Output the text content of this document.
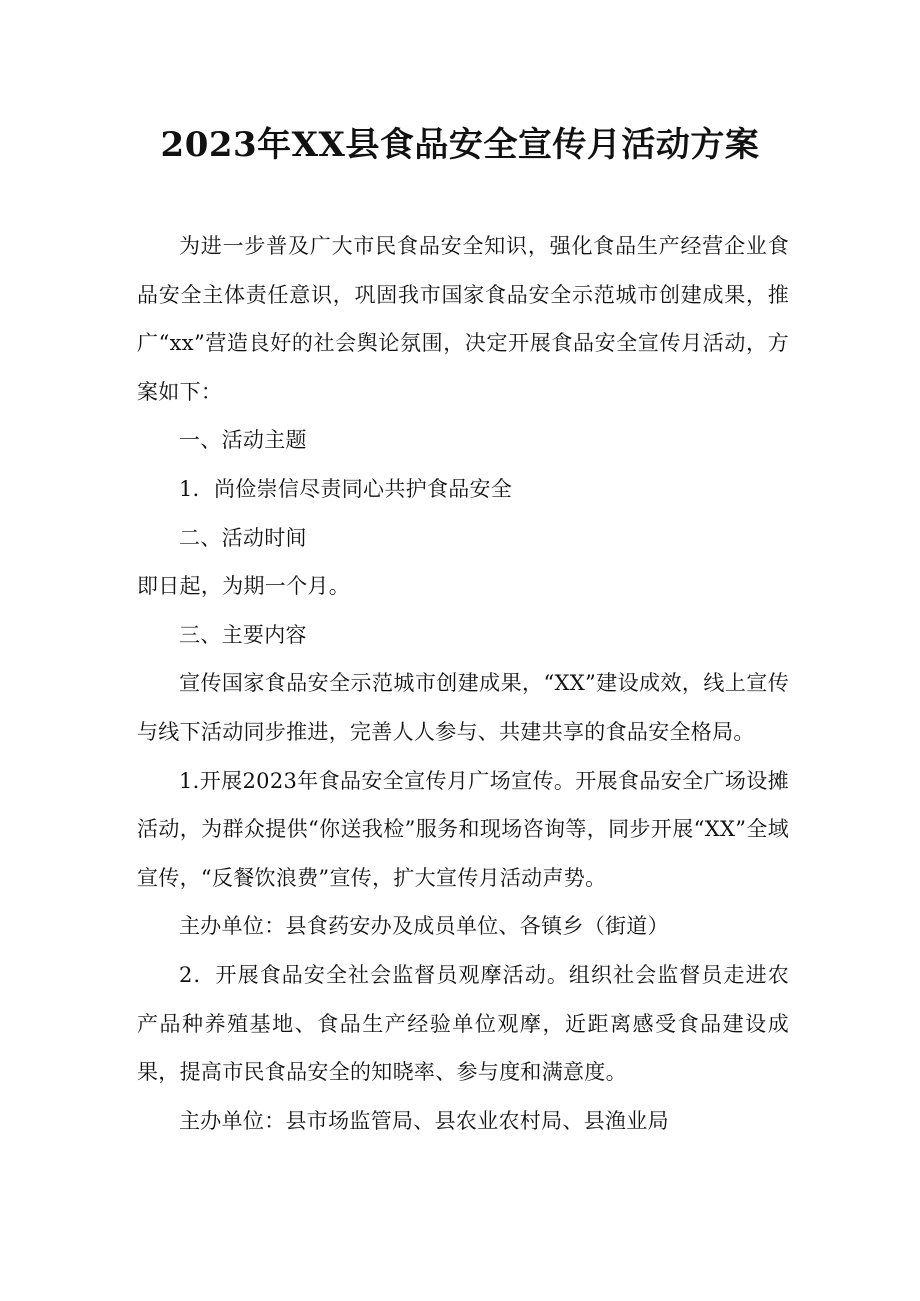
2023年XX县食品安全宣传月活动方案

为进一步普及广大市民食品安全知识，强化食品生产经营企业食品安全主体责任意识，巩固我市国家食品安全示范城市创建成果，推广“xx”营造良好的社会舆论氛围，决定开展食品安全宣传月活动，方案如下：

一、活动主题

1．尚俭崇信尽责同心共护食品安全

二、活动时间

即日起，为期一个月。

三、主要内容

宣传国家食品安全示范城市创建成果，“XX”建设成效，线上宣传与线下活动同步推进，完善人人参与、共建共享的食品安全格局。

1.开展2023年食品安全宣传月广场宣传。开展食品安全广场设摊活动，为群众提供“你送我检”服务和现场咨询等，同步开展“XX”全域宣传，“反餐饮浪费”宣传，扩大宣传月活动声势。

主办单位：县食药安办及成员单位、各镇乡（街道）

2．开展食品安全社会监督员观摩活动。组织社会监督员走进农产品种养殖基地、食品生产经验单位观摩，近距离感受食品建设成果，提高市民食品安全的知晓率、参与度和满意度。

主办单位：县市场监管局、县农业农村局、县渔业局
